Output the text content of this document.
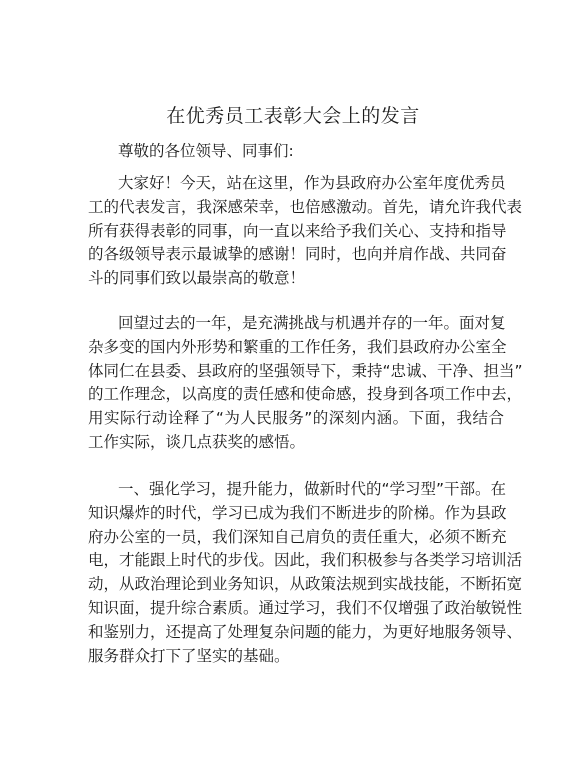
在优秀员工表彰大会上的发言

尊敬的各位领导、同事们:

大家好！今天，站在这里，作为县政府办公室年度优秀员
工的代表发言，我深感荣幸，也倍感激动。首先，请允许我代表
所有获得表彰的同事，向一直以来给予我们关心、支持和指导
的各级领导表示最诚挚的感谢！同时，也向并肩作战、共同奋
斗的同事们致以最崇高的敬意！
回望过去的一年，是充满挑战与机遇并存的一年。面对复
杂多变的国内外形势和繁重的工作任务，我们县政府办公室全
体同仁在县委、县政府的坚强领导下，秉持“忠诚、干净、担当”
的工作理念，以高度的责任感和使命感，投身到各项工作中去，
用实际行动诠释了“为人民服务”的深刻内涵。下面，我结合
工作实际，谈几点获奖的感悟。
一、强化学习，提升能力，做新时代的“学习型”干部。在
知识爆炸的时代，学习已成为我们不断进步的阶梯。作为县政
府办公室的一员，我们深知自己肩负的责任重大，必须不断充
电，才能跟上时代的步伐。因此，我们积极参与各类学习培训活
动，从政治理论到业务知识，从政策法规到实战技能，不断拓宽
知识面，提升综合素质。通过学习，我们不仅增强了政治敏锐性
和鉴别力，还提高了处理复杂问题的能力，为更好地服务领导、
服务群众打下了坚实的基础。
